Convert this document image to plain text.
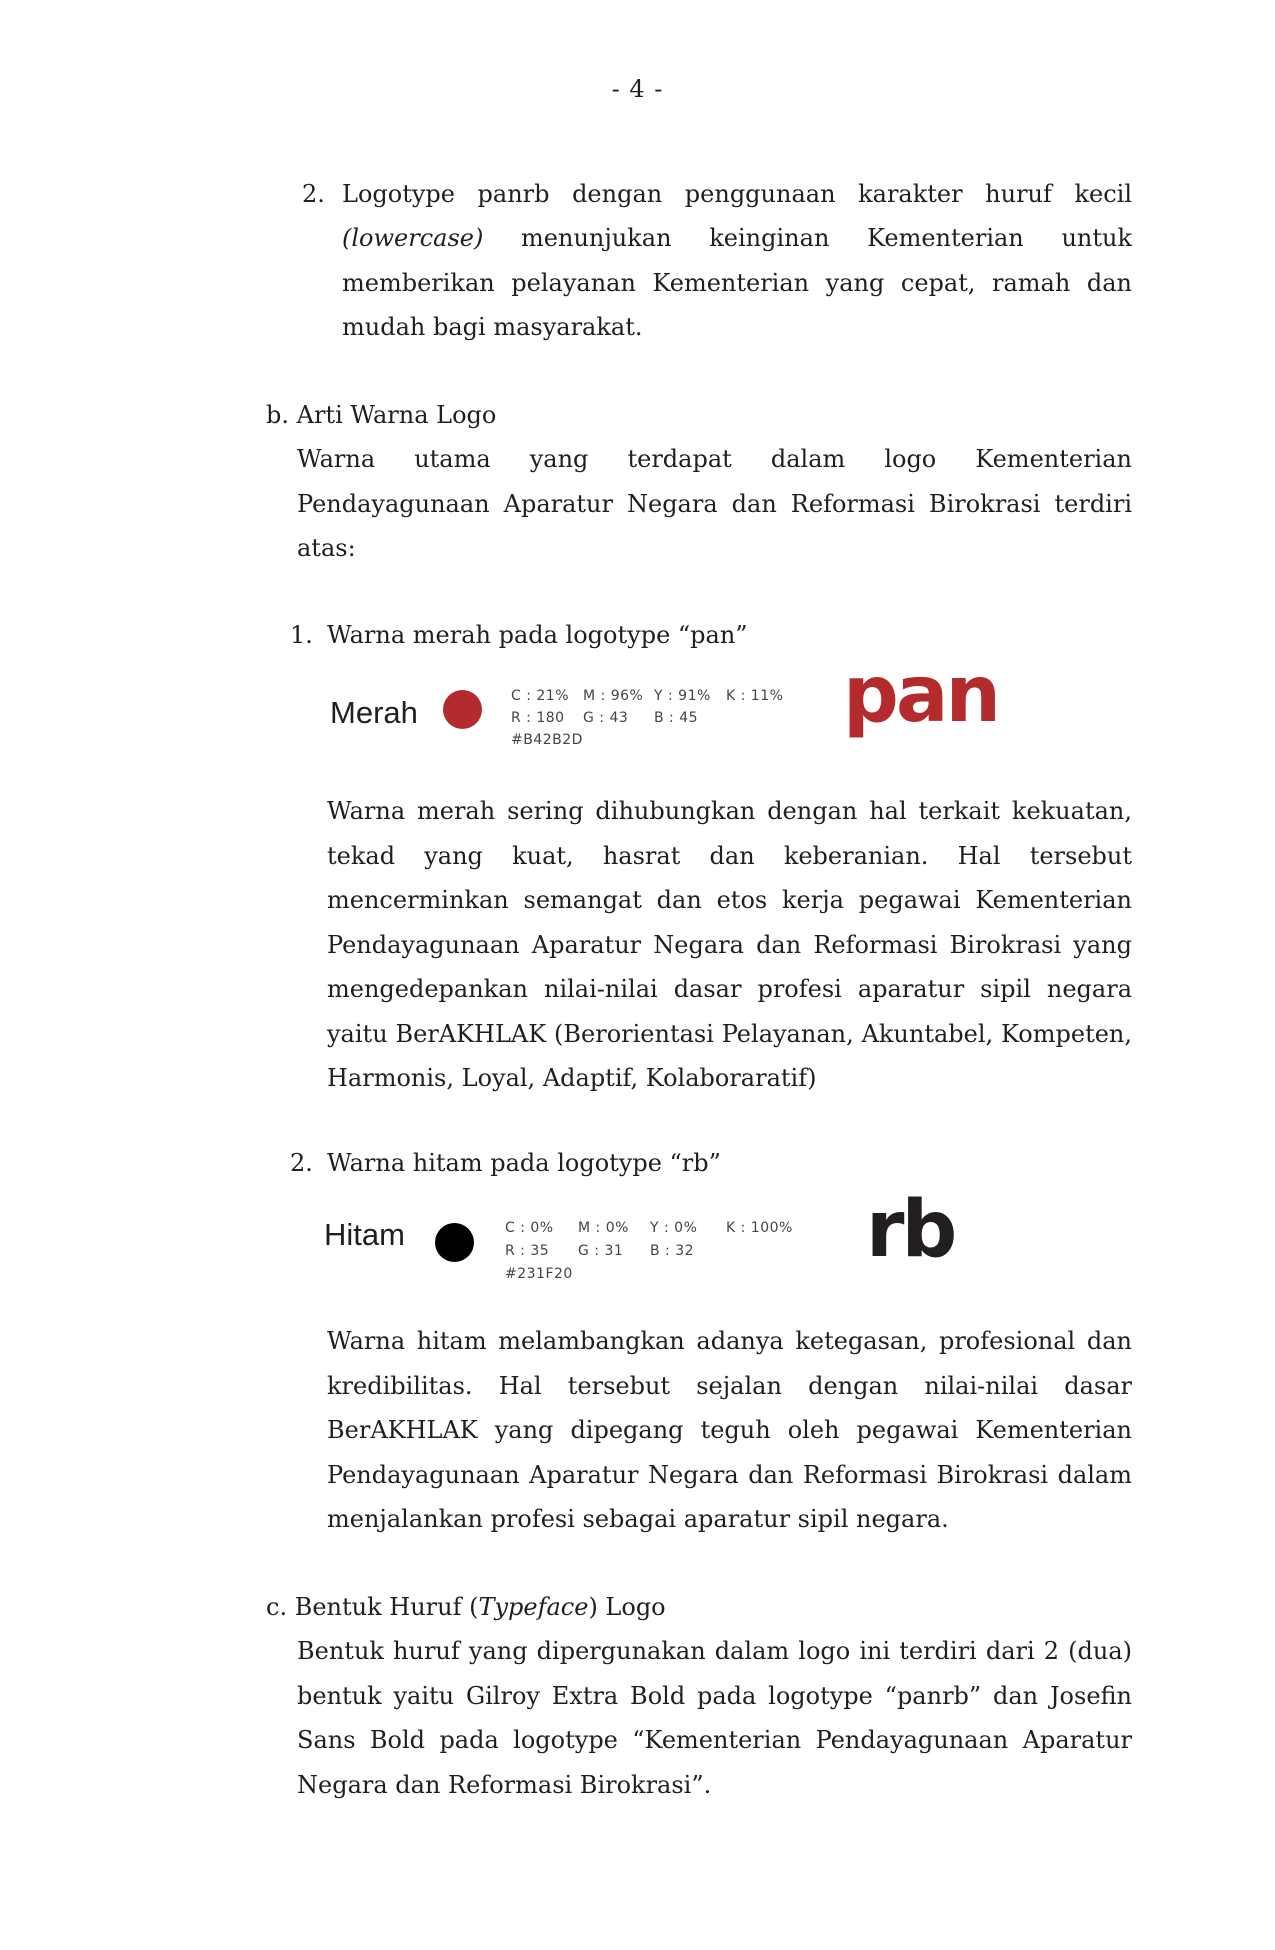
- 4 -
2. Logotype panrb dengan penggunaan karakter huruf kecil

(lowercase) menunjukan keinginan Kementerian untuk memberikan pelayanan Kementerian yang cepat, ramah dan mudah bagi masyarakat.

b. Arti Warna Logo

Warna utama yang terdapat dalam logo Kementerian Pendayagunaan Aparatur Negara dan Reformasi Birokrasi terdiri atas:

1. Warna merah pada logotype “pan”
Merah	C : 21% M : 96% Y : 91% K : 11%
R : 180 G : 43 B : 45
#B42B2D	pan

Warna merah sering dihubungkan dengan hal terkait kekuatan, tekad yang kuat, hasrat dan keberanian. Hal tersebut mencerminkan semangat dan etos kerja pegawai Kementerian Pendayagunaan Aparatur Negara dan Reformasi Birokrasi yang mengedepankan nilai-nilai dasar profesi aparatur sipil negara yaitu BerAKHLAK (Berorientasi Pelayanan, Akuntabel, Kompeten, Harmonis, Loyal, Adaptif, Kolaboraratif)

2. Warna hitam pada logotype “rb”
Hitam	C : 0% M : 0% Y : 0% K : 100%
R : 35 G : 31 B : 32
#231F20	rb

Warna hitam melambangkan adanya ketegasan, profesional dan kredibilitas. Hal tersebut sejalan dengan nilai-nilai dasar BerAKHLAK yang dipegang teguh oleh pegawai Kementerian Pendayagunaan Aparatur Negara dan Reformasi Birokrasi dalam menjalankan profesi sebagai aparatur sipil negara.

c. Bentuk Huruf (Typeface) Logo

Bentuk huruf yang dipergunakan dalam logo ini terdiri dari 2 (dua) bentuk yaitu Gilroy Extra Bold pada logotype “panrb” dan Josefin Sans Bold pada logotype “Kementerian Pendayagunaan Aparatur Negara dan Reformasi Birokrasi”.
